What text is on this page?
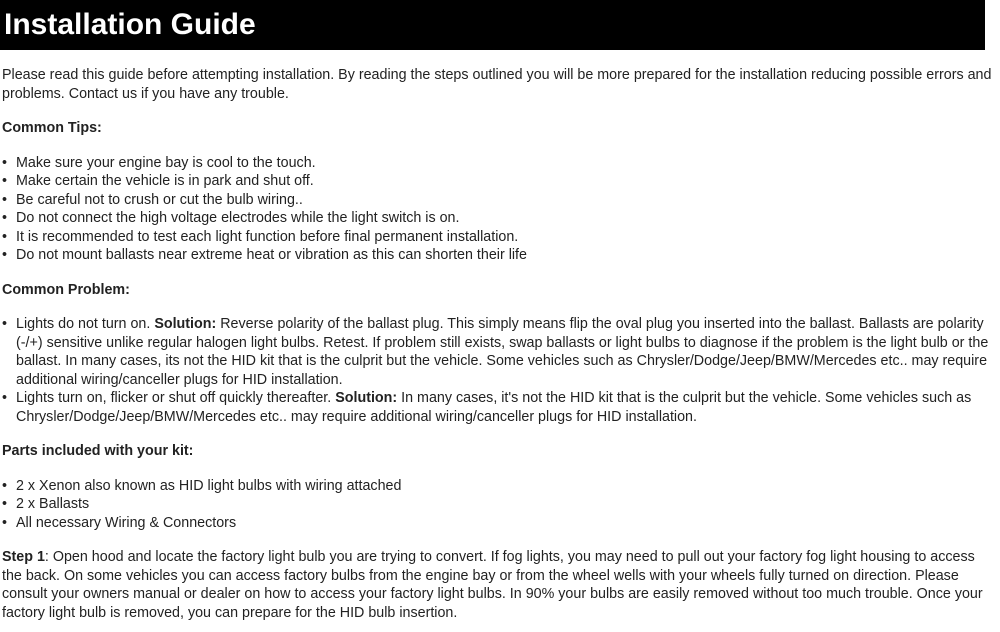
Installation Guide

Please read this guide before attempting installation. By reading the steps outlined you will be more prepared for the installation reducing possible errors and problems. Contact us if you have any trouble.

Common Tips:

• Make sure your engine bay is cool to the touch.
• Make certain the vehicle is in park and shut off.
• Be careful not to crush or cut the bulb wiring..
• Do not connect the high voltage electrodes while the light switch is on.
• It is recommended to test each light function before final permanent installation.
• Do not mount ballasts near extreme heat or vibration as this can shorten their life

Common Problem:

• Lights do not turn on. Solution: Reverse polarity of the ballast plug. This simply means flip the oval plug you inserted into the ballast. Ballasts are polarity (-/+) sensitive unlike regular halogen light bulbs. Retest. If problem still exists, swap ballasts or light bulbs to diagnose if the problem is the light bulb or the ballast. In many cases, its not the HID kit that is the culprit but the vehicle. Some vehicles such as Chrysler/Dodge/Jeep/BMW/Mercedes etc.. may require additional wiring/canceller plugs for HID installation.
• Lights turn on, flicker or shut off quickly thereafter. Solution: In many cases, it's not the HID kit that is the culprit but the vehicle. Some vehicles such as Chrysler/Dodge/Jeep/BMW/Mercedes etc.. may require additional wiring/canceller plugs for HID installation.

Parts included with your kit:

• 2 x Xenon also known as HID light bulbs with wiring attached
• 2 x Ballasts
• All necessary Wiring & Connectors

Step 1: Open hood and locate the factory light bulb you are trying to convert. If fog lights, you may need to pull out your factory fog light housing to access the back. On some vehicles you can access factory bulbs from the engine bay or from the wheel wells with your wheels fully turned on direction. Please consult your owners manual or dealer on how to access your factory light bulbs. In 90% your bulbs are easily removed without too much trouble. Once your factory light bulb is removed, you can prepare for the HID bulb insertion.
